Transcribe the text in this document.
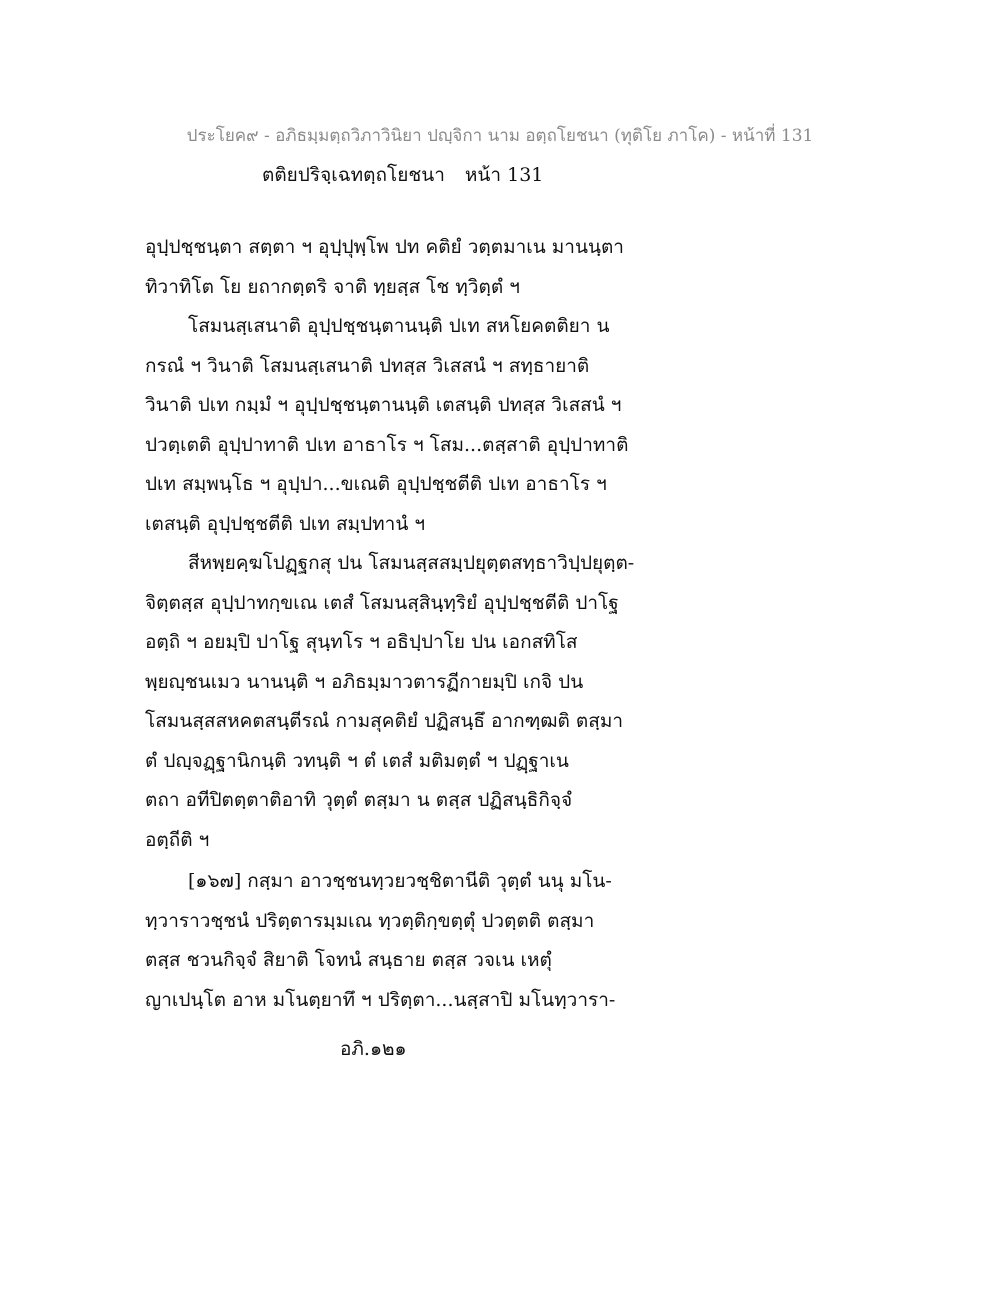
ประโยค๙ - อภิธมฺมตฺถวิภาวินิยา ปญฺจิกา นาม อตฺถโยชนา (ทุติโย ภาโค) - หน้าที่ 131
ตติยปริจฺเฉทตฺถโยชนา หน้า 131
อุปฺปชฺชนฺตา สตฺตา ฯ อุปฺปุพฺโพ ปท คติยํ วตฺตมาเน มานนฺตา
ทิวาทิโต โย ยถากตฺตริ จาติ ทฺยสฺส โช ทฺวิตฺตํ ฯ
โสมนสฺเสนาติ อุปฺปชฺชนฺตานนฺติ ปเท สหโยคตติยา น
กรณํ ฯ วินาติ โสมนสฺเสนาติ ปทสฺส วิเสสนํ ฯ สทฺธายาติ
วินาติ ปเท กมฺมํ ฯ อุปฺปชฺชนฺตานนฺติ เตสนฺติ ปทสฺส วิเสสนํ ฯ
ปวตฺเตติ อุปฺปาทาติ ปเท อาธาโร ฯ โสม...ตสฺสาติ อุปฺปาทาติ
ปเท สมฺพนฺโธ ฯ อุปฺปา...ขเณติ อุปฺปชฺชตีติ ปเท อาธาโร ฯ
เตสนฺติ อุปฺปชฺชตีติ ปเท สมฺปทานํ ฯ
สีหพฺยคฺฆโปฏฺฐกสุ ปน โสมนสฺสสมฺปยุตฺตสทฺธาวิปฺปยุตฺต-
จิตฺตสฺส อุปฺปาทกฺขเณ เตสํ โสมนสฺสินฺทฺริยํ อุปฺปชฺชตีติ ปาโฐ
อตฺถิ ฯ อยมฺปิ ปาโฐ สุนฺทโร ฯ อธิปฺปาโย ปน เอกสทิโส
พฺยญฺชนเมว นานนฺติ ฯ อภิธมฺมาวตารฏีกายมฺปิ เกจิ ปน
โสมนสฺสสหคตสนฺตีรณํ กามสุคติยํ ปฏิสนฺธึ อากฑฺฒติ ตสฺมา
ตํ ปญฺจฏฺฐานิกนฺติ วทนฺติ ฯ ตํ เตสํ มติมตฺตํ ฯ ปฏฺฐาเน
ตถา อทีปิตตฺตาติอาทิ วุตฺตํ ตสฺมา น ตสฺส ปฏิสนฺธิกิจฺจํ
อตฺถีติ ฯ
[๑๖๗] กสฺมา อาวชฺชนทฺวยวชฺชิตานีติ วุตฺตํ นนุ มโน-
ทฺวาราวชฺชนํ ปริตฺตารมฺมเณ ทฺวตฺติกฺขตฺตุํ ปวตฺตติ ตสฺมา
ตสฺส ชวนกิจฺจํ สิยาติ โจทนํ สนฺธาย ตสฺส วจเน เหตุํ
ญาเปนฺโต อาห มโนตฺยาทึ ฯ ปริตฺตา...นสฺสาปิ มโนทฺวารา-
อภิ.๑๒๑
